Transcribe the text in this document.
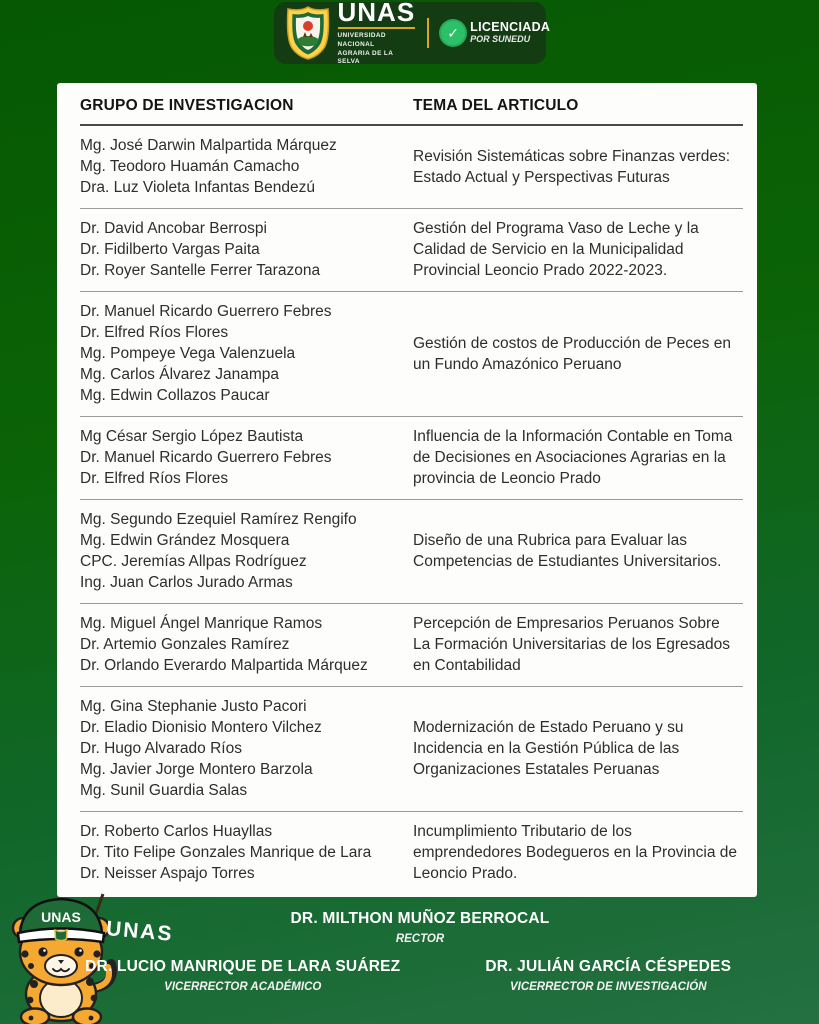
UNAS
UNIVERSIDAD NACIONAL
AGRARIA DE LA SELVA
✓ LICENCIADA
POR SUNEDU
GRUPO DE INVESTIGACION	TEMA DEL ARTICULO
Mg. José Darwin Malpartida Márquez
Mg. Teodoro Huamán Camacho
Dra. Luz Violeta Infantas Bendezú
Revisión Sistemáticas sobre Finanzas verdes: Estado Actual y Perspectivas Futuras
Dr. David Ancobar Berrospi
Dr. Fidilberto Vargas Paita
Dr. Royer Santelle Ferrer Tarazona
Gestión del Programa Vaso de Leche y la Calidad de Servicio en la Municipalidad Provincial Leoncio Prado 2022-2023.
Dr. Manuel Ricardo Guerrero Febres
Dr. Elfred Ríos Flores
Mg. Pompeye Vega Valenzuela
Mg. Carlos Álvarez Janampa
Mg. Edwin Collazos Paucar
Gestión de costos de Producción de Peces en un Fundo Amazónico Peruano
Mg César Sergio López Bautista
Dr. Manuel Ricardo Guerrero Febres
Dr. Elfred Ríos Flores
Influencia de la Información Contable en Toma de Decisiones en Asociaciones Agrarias en la provincia de Leoncio Prado
Mg. Segundo Ezequiel Ramírez Rengifo
Mg. Edwin Grández Mosquera
CPC. Jeremías Allpas Rodríguez
Ing. Juan Carlos Jurado Armas
Diseño de una Rubrica para Evaluar las Competencias de Estudiantes Universitarios.
Mg. Miguel Ángel Manrique Ramos
Dr. Artemio Gonzales Ramírez
Dr. Orlando Everardo Malpartida Márquez
Percepción de Empresarios Peruanos Sobre La Formación Universitarias de los Egresados en Contabilidad
Mg. Gina Stephanie Justo Pacori
Dr. Eladio Dionisio Montero Vilchez
Dr. Hugo Alvarado Ríos
Mg. Javier Jorge Montero Barzola
Mg. Sunil Guardia Salas
Modernización de Estado Peruano y su Incidencia en la Gestión Pública de las Organizaciones Estatales Peruanas
Dr. Roberto Carlos Huayllas
Dr. Tito Felipe Gonzales Manrique de Lara
Dr. Neisser Aspajo Torres
Incumplimiento Tributario de los emprendedores Bodegueros en la Provincia de Leoncio Prado.
UNAS
UNAS	DR. MILTHON MUÑOZ BERROCAL
RECTOR
DR. LUCIO MANRIQUE DE LARA SUÁREZ
VICERRECTOR ACADÉMICO
DR. JULIÁN GARCÍA CÉSPEDES
VICERRECTOR DE INVESTIGACIÓN
